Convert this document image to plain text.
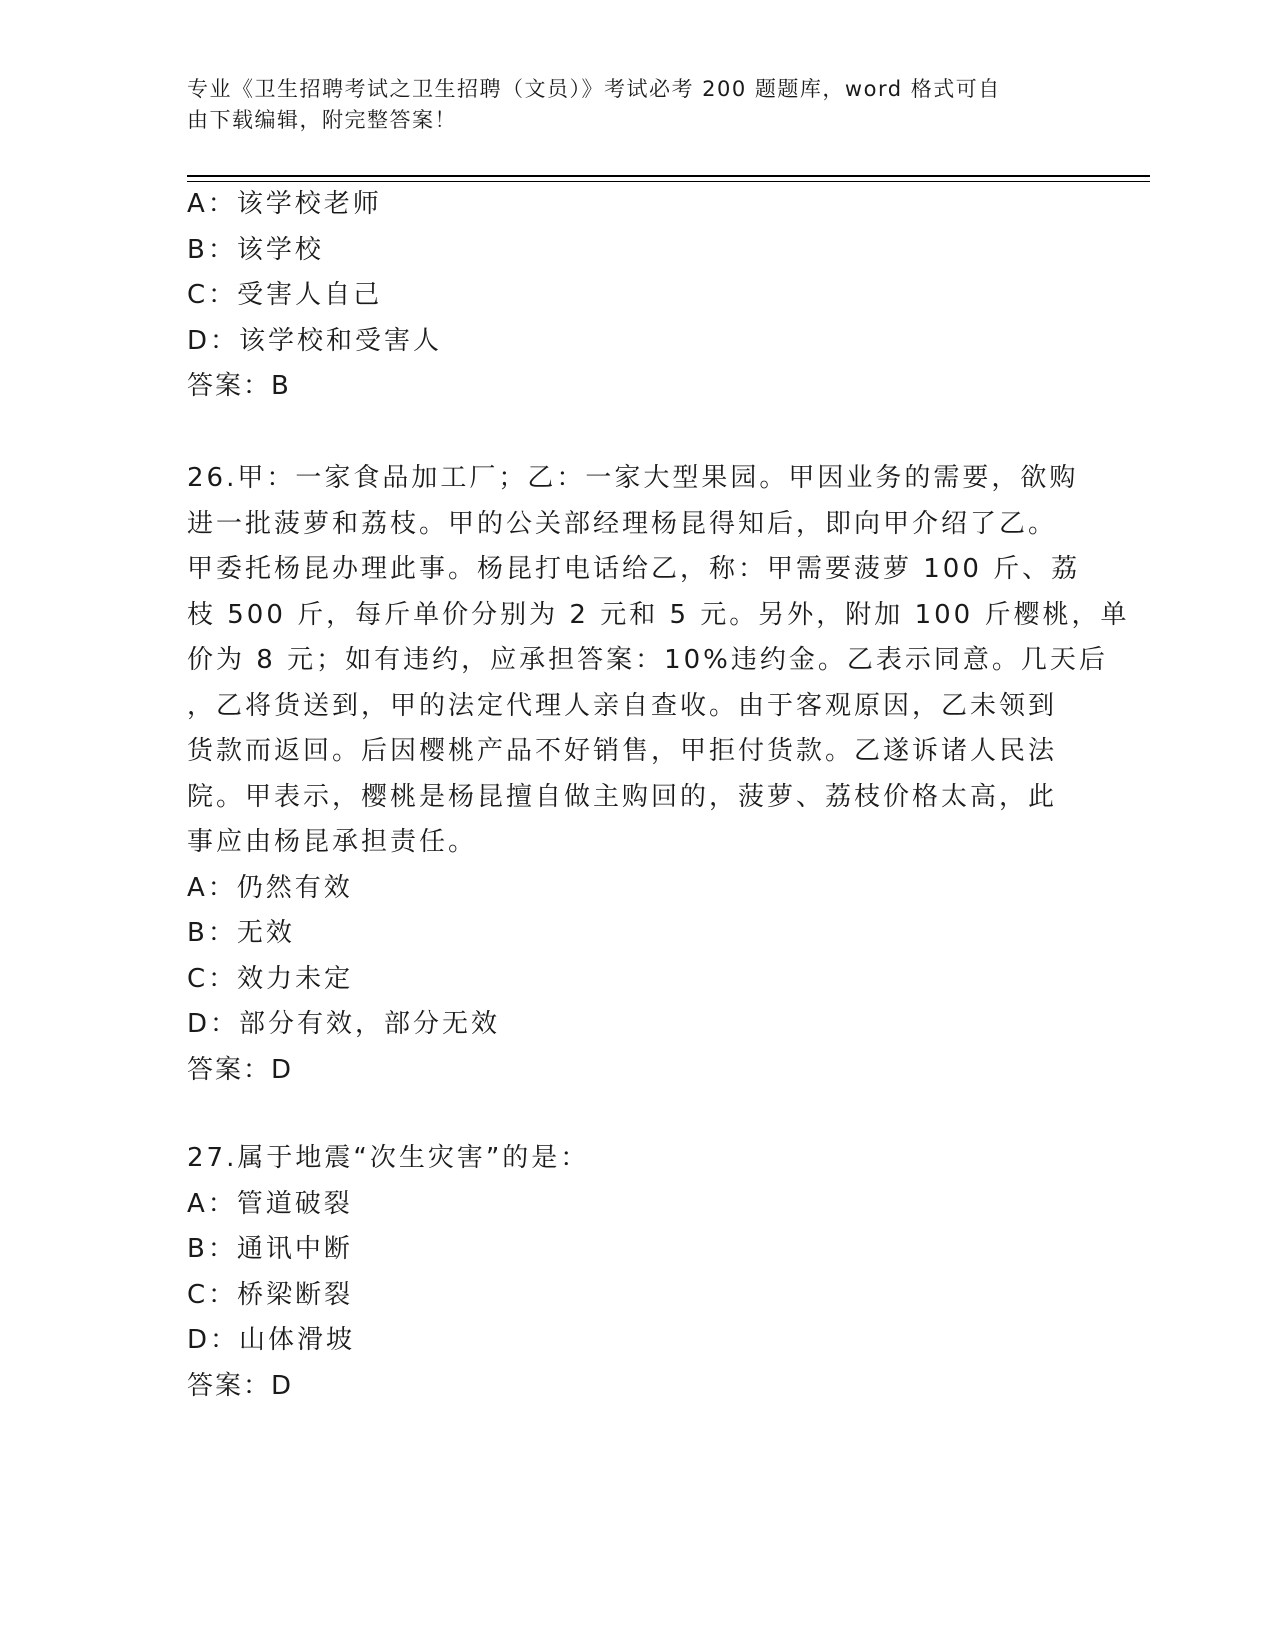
专业《卫生招聘考试之卫生招聘（文员）》考试必考 200 题题库，word 格式可自
由下载编辑，附完整答案！
A：该学校老师
B：该学校
C：受害人自己
D：该学校和受害人
答案：B
26.甲：一家食品加工厂；乙：一家大型果园。甲因业务的需要，欲购
进一批菠萝和荔枝。甲的公关部经理杨昆得知后，即向甲介绍了乙。
甲委托杨昆办理此事。杨昆打电话给乙，称：甲需要菠萝 100 斤、荔
枝 500 斤，每斤单价分别为 2 元和 5 元。另外，附加 100 斤樱桃，单
价为 8 元；如有违约，应承担答案：10%违约金。乙表示同意。几天后
，乙将货送到，甲的法定代理人亲自查收。由于客观原因，乙未领到
货款而返回。后因樱桃产品不好销售，甲拒付货款。乙遂诉诸人民法
院。甲表示，樱桃是杨昆擅自做主购回的，菠萝、荔枝价格太高，此
事应由杨昆承担责任。
A：仍然有效
B：无效
C：效力未定
D：部分有效，部分无效
答案：D
27.属于地震“次生灾害”的是：
A：管道破裂
B：通讯中断
C：桥梁断裂
D：山体滑坡
答案：D
